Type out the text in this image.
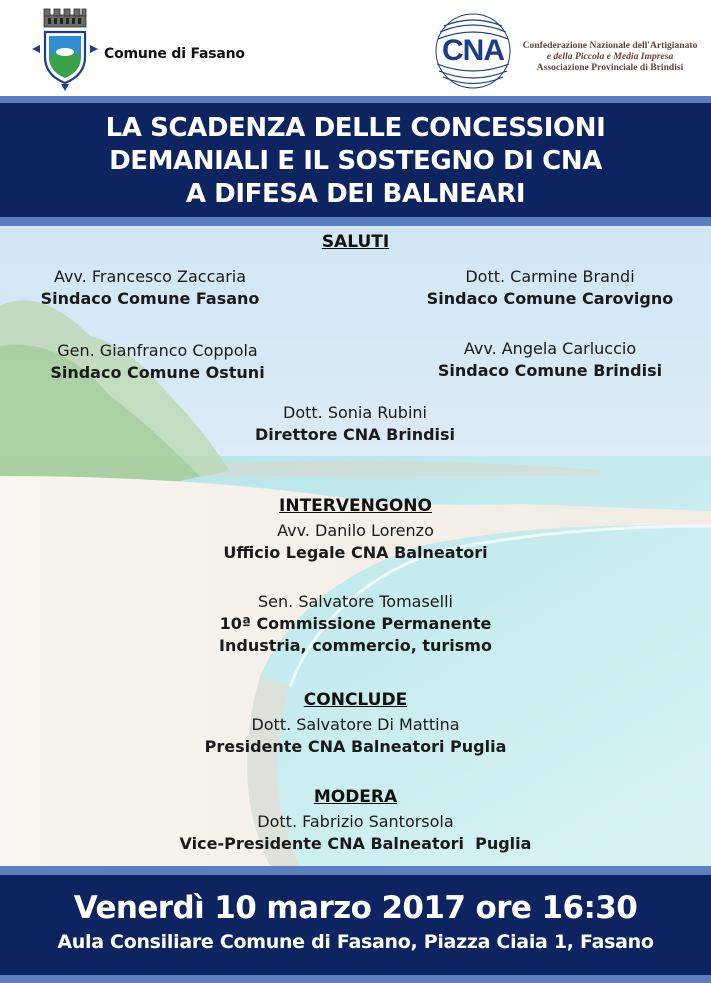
Comune di Fasano	CNA	Confederazione Nazionale dell'Artigianato
e della Piccola e Media Impresa
Associazione Provinciale di Brindisi
LA SCADENZA DELLE CONCESSIONI
DEMANIALI E IL SOSTEGNO DI CNA
A DIFESA DEI BALNEARI
SALUTI
Avv. Francesco Zaccaria
Sindaco Comune Fasano
Dott. Carmine Brandi
Sindaco Comune Carovigno
Gen. Gianfranco Coppola
Sindaco Comune Ostuni
Avv. Angela Carluccio
Sindaco Comune Brindisi
Dott. Sonia Rubini
Direttore CNA Brindisi
INTERVENGONO
Avv. Danilo Lorenzo
Ufficio Legale CNA Balneatori
Sen. Salvatore Tomaselli
10ª Commissione Permanente
Industria, commercio, turismo
CONCLUDE
Dott. Salvatore Di Mattina
Presidente CNA Balneatori Puglia
MODERA
Dott. Fabrizio Santorsola
Vice-Presidente CNA Balneatori  Puglia
Venerdì 10 marzo 2017 ore 16:30
Aula Consiliare Comune di Fasano, Piazza Ciaia 1, Fasano
